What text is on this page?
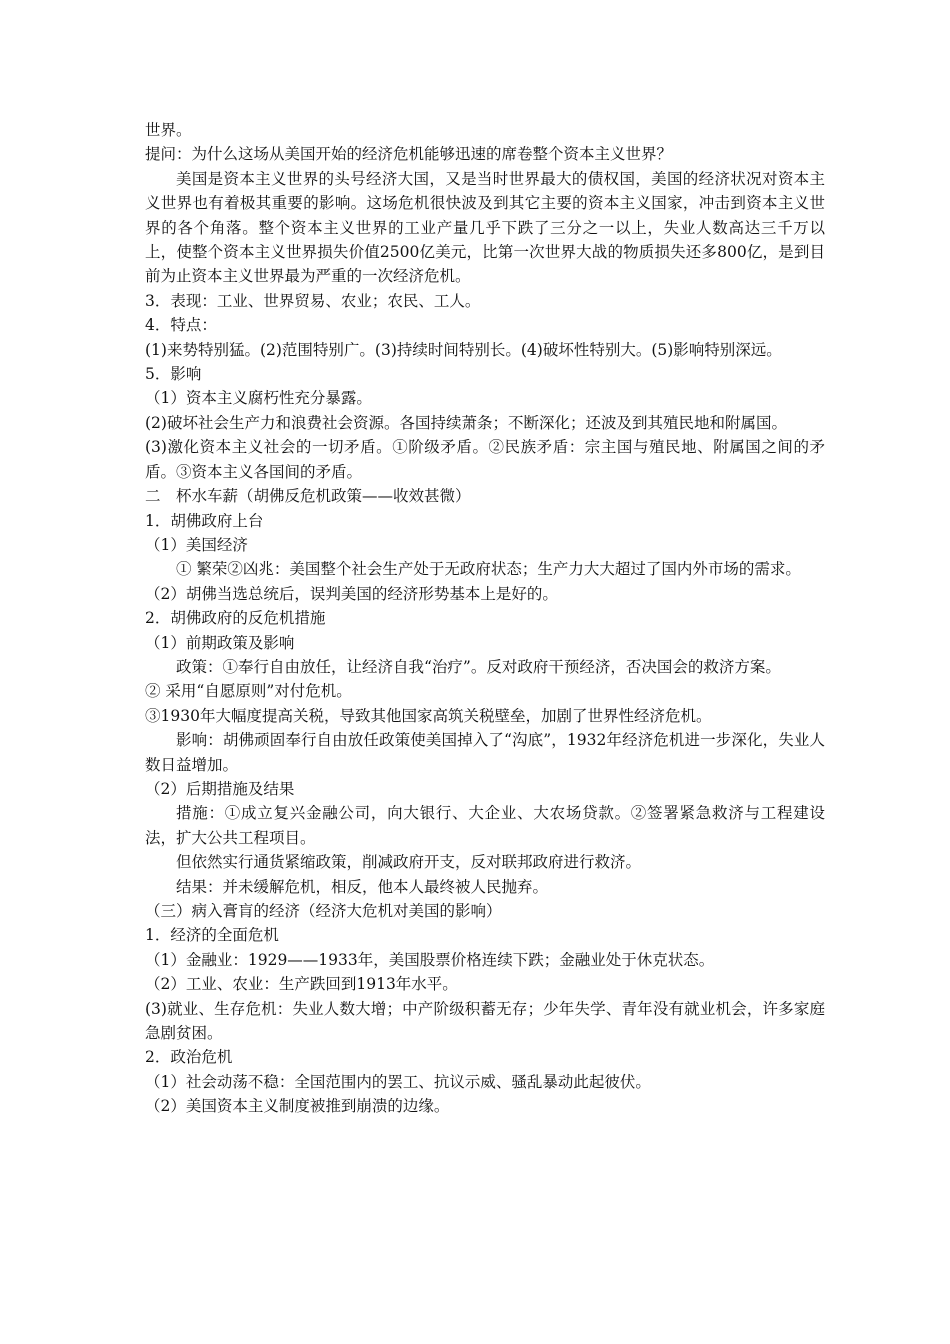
世界。

提问：为什么这场从美国开始的经济危机能够迅速的席卷整个资本主义世界？

美国是资本主义世界的头号经济大国，又是当时世界最大的债权国，美国的经济状况对资本主义世界也有着极其重要的影响。这场危机很快波及到其它主要的资本主义国家，冲击到资本主义世界的各个角落。整个资本主义世界的工业产量几乎下跌了三分之一以上，失业人数高达三千万以上，使整个资本主义世界损失价值2500亿美元，比第一次世界大战的物质损失还多800亿，是到目前为止资本主义世界最为严重的一次经济危机。

3．表现：工业、世界贸易、农业；农民、工人。

4．特点：

(1)来势特别猛。(2)范围特别广。(3)持续时间特别长。(4)破坏性特别大。(5)影响特别深远。

5．影响

（1）资本主义腐朽性充分暴露。

(2)破坏社会生产力和浪费社会资源。各国持续萧条；不断深化；还波及到其殖民地和附属国。

(3)激化资本主义社会的一切矛盾。①阶级矛盾。②民族矛盾：宗主国与殖民地、附属国之间的矛盾。③资本主义各国间的矛盾。

二　杯水车薪（胡佛反危机政策——收效甚微）

1．胡佛政府上台

（1）美国经济

① 繁荣②凶兆：美国整个社会生产处于无政府状态；生产力大大超过了国内外市场的需求。

（2）胡佛当选总统后，误判美国的经济形势基本上是好的。

2．胡佛政府的反危机措施

（1）前期政策及影响

政策：①奉行自由放任，让经济自我“治疗”。反对政府干预经济，否决国会的救济方案。

② 采用“自愿原则”对付危机。

③1930年大幅度提高关税，导致其他国家高筑关税壁垒，加剧了世界性经济危机。

影响：胡佛顽固奉行自由放任政策使美国掉入了“沟底”，1932年经济危机进一步深化，失业人数日益增加。

（2）后期措施及结果

措施：①成立复兴金融公司，向大银行、大企业、大农场贷款。②签署紧急救济与工程建设法，扩大公共工程项目。

但依然实行通货紧缩政策，削减政府开支，反对联邦政府进行救济。

结果：并未缓解危机，相反，他本人最终被人民抛弃。

（三）病入膏肓的经济（经济大危机对美国的影响）

1．经济的全面危机

（1）金融业：1929——1933年，美国股票价格连续下跌；金融业处于休克状态。

（2）工业、农业：生产跌回到1913年水平。

(3)就业、生存危机：失业人数大增；中产阶级积蓄无存；少年失学、青年没有就业机会，许多家庭急剧贫困。

2．政治危机

（1）社会动荡不稳：全国范围内的罢工、抗议示威、骚乱暴动此起彼伏。

（2）美国资本主义制度被推到崩溃的边缘。
